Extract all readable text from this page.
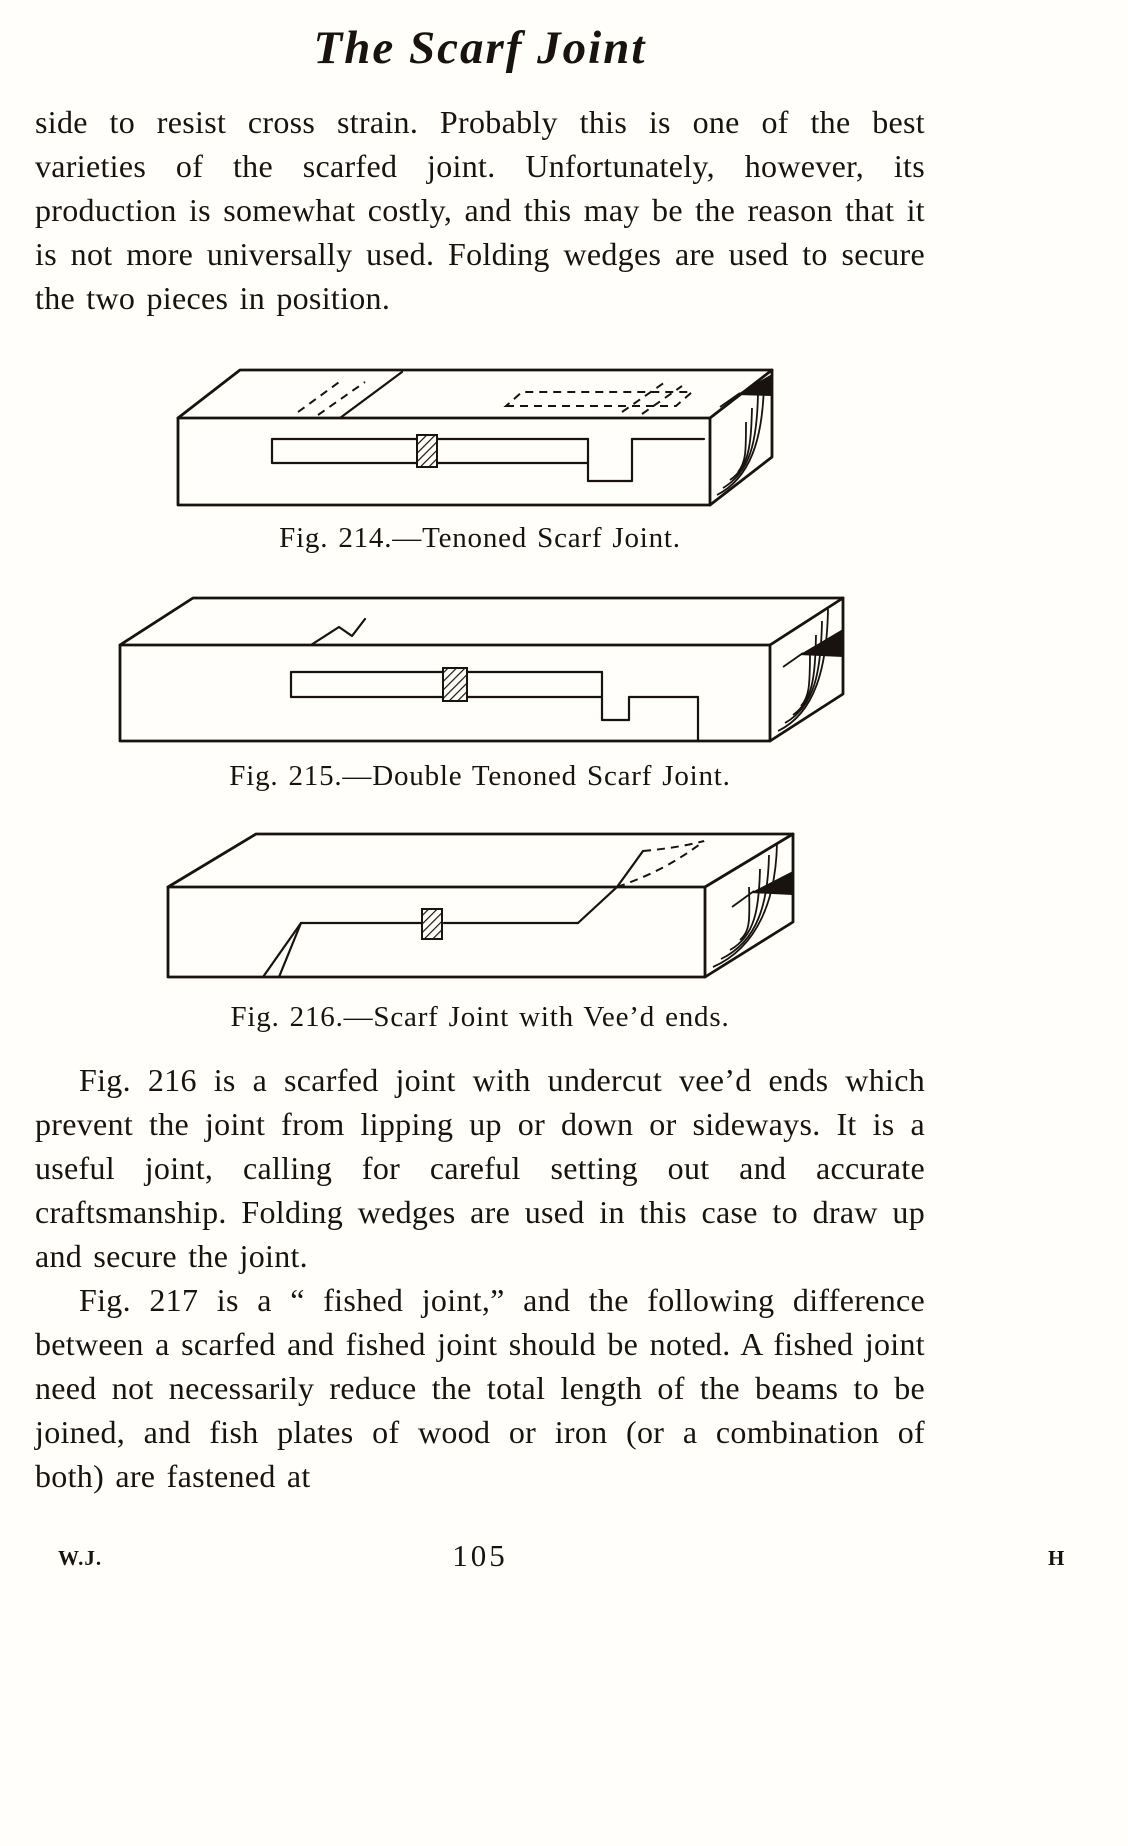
The Scarf Joint

side to resist cross strain. Probably this is one of the best varieties of the scarfed joint. Unfortunately, however, its production is somewhat costly, and this may be the reason that it is not more universally used. Folding wedges are used to secure the two pieces in position.

Fig. 214.—Tenoned Scarf Joint.
Fig. 215.—Double Tenoned Scarf Joint.
Fig. 216.—Scarf Joint with Vee’d ends.

Fig. 216 is a scarfed joint with undercut vee’d ends which prevent the joint from lipping up or down or sideways. It is a useful joint, calling for careful setting out and accurate craftsmanship. Folding wedges are used in this case to draw up and secure the joint.

Fig. 217 is a “ fished joint,” and the following difference between a scarfed and fished joint should be noted. A fished joint need not necessarily reduce the total length of the beams to be joined, and fish plates of wood or iron (or a combination of both) are fastened at

W.J.	105	H
